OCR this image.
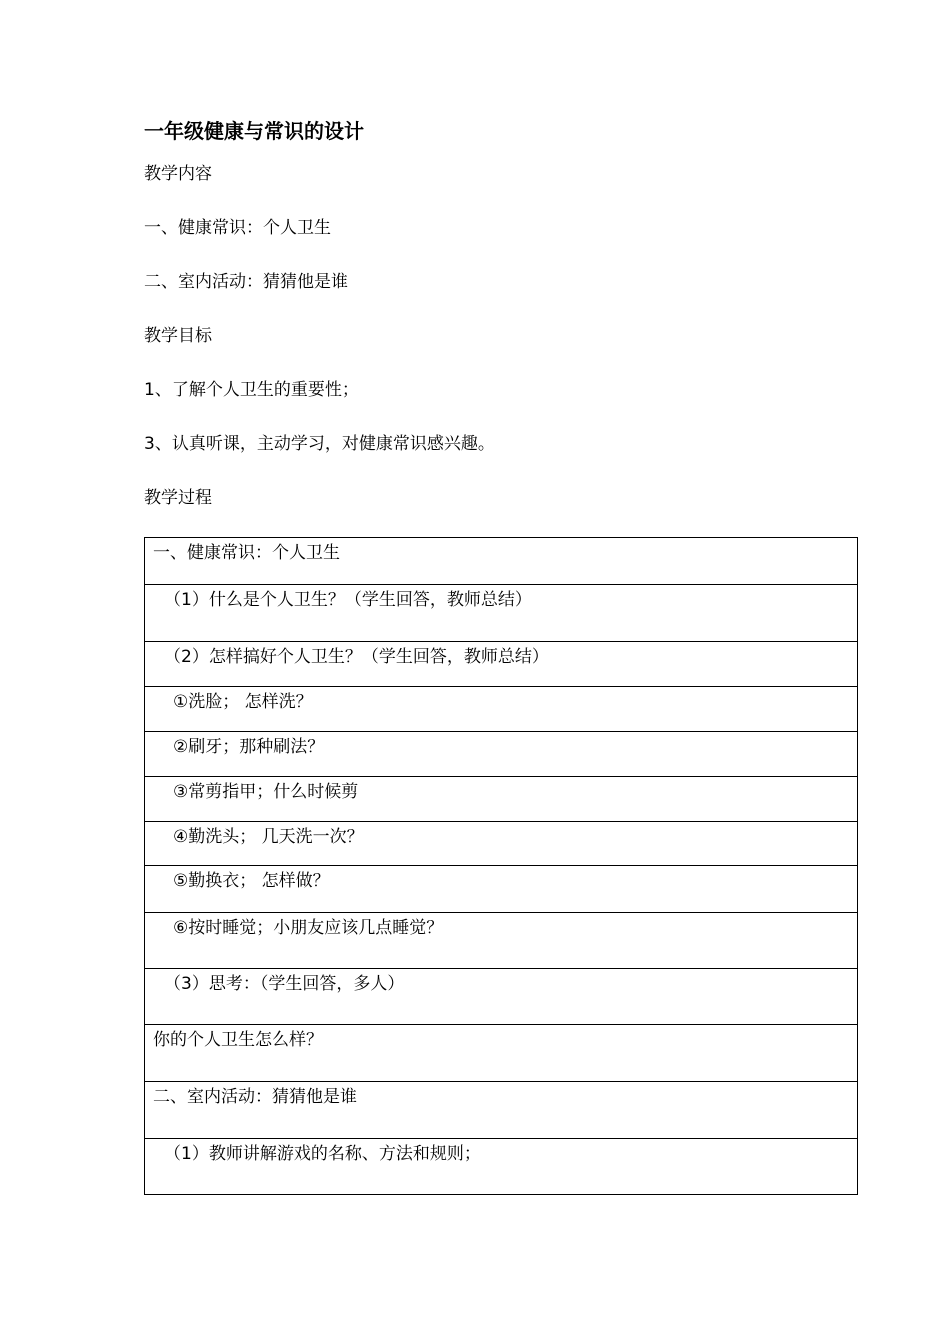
一年级健康与常识的设计
教学内容
一、健康常识：个人卫生
二、室内活动：猜猜他是谁
教学目标
1、了解个人卫生的重要性；
3、认真听课，主动学习，对健康常识感兴趣。
教学过程
一、健康常识：个人卫生

（1）什么是个人卫生？（学生回答，教师总结）

（2）怎样搞好个人卫生？（学生回答，教师总结）

①洗脸； 怎样洗？

②刷牙；那种刷法？

③常剪指甲；什么时候剪

④勤洗头； 几天洗一次？

⑤勤换衣； 怎样做？

⑥按时睡觉；小朋友应该几点睡觉？

（3）思考：（学生回答，多人）

你的个人卫生怎么样？

二、室内活动：猜猜他是谁

（1）教师讲解游戏的名称、方法和规则；
